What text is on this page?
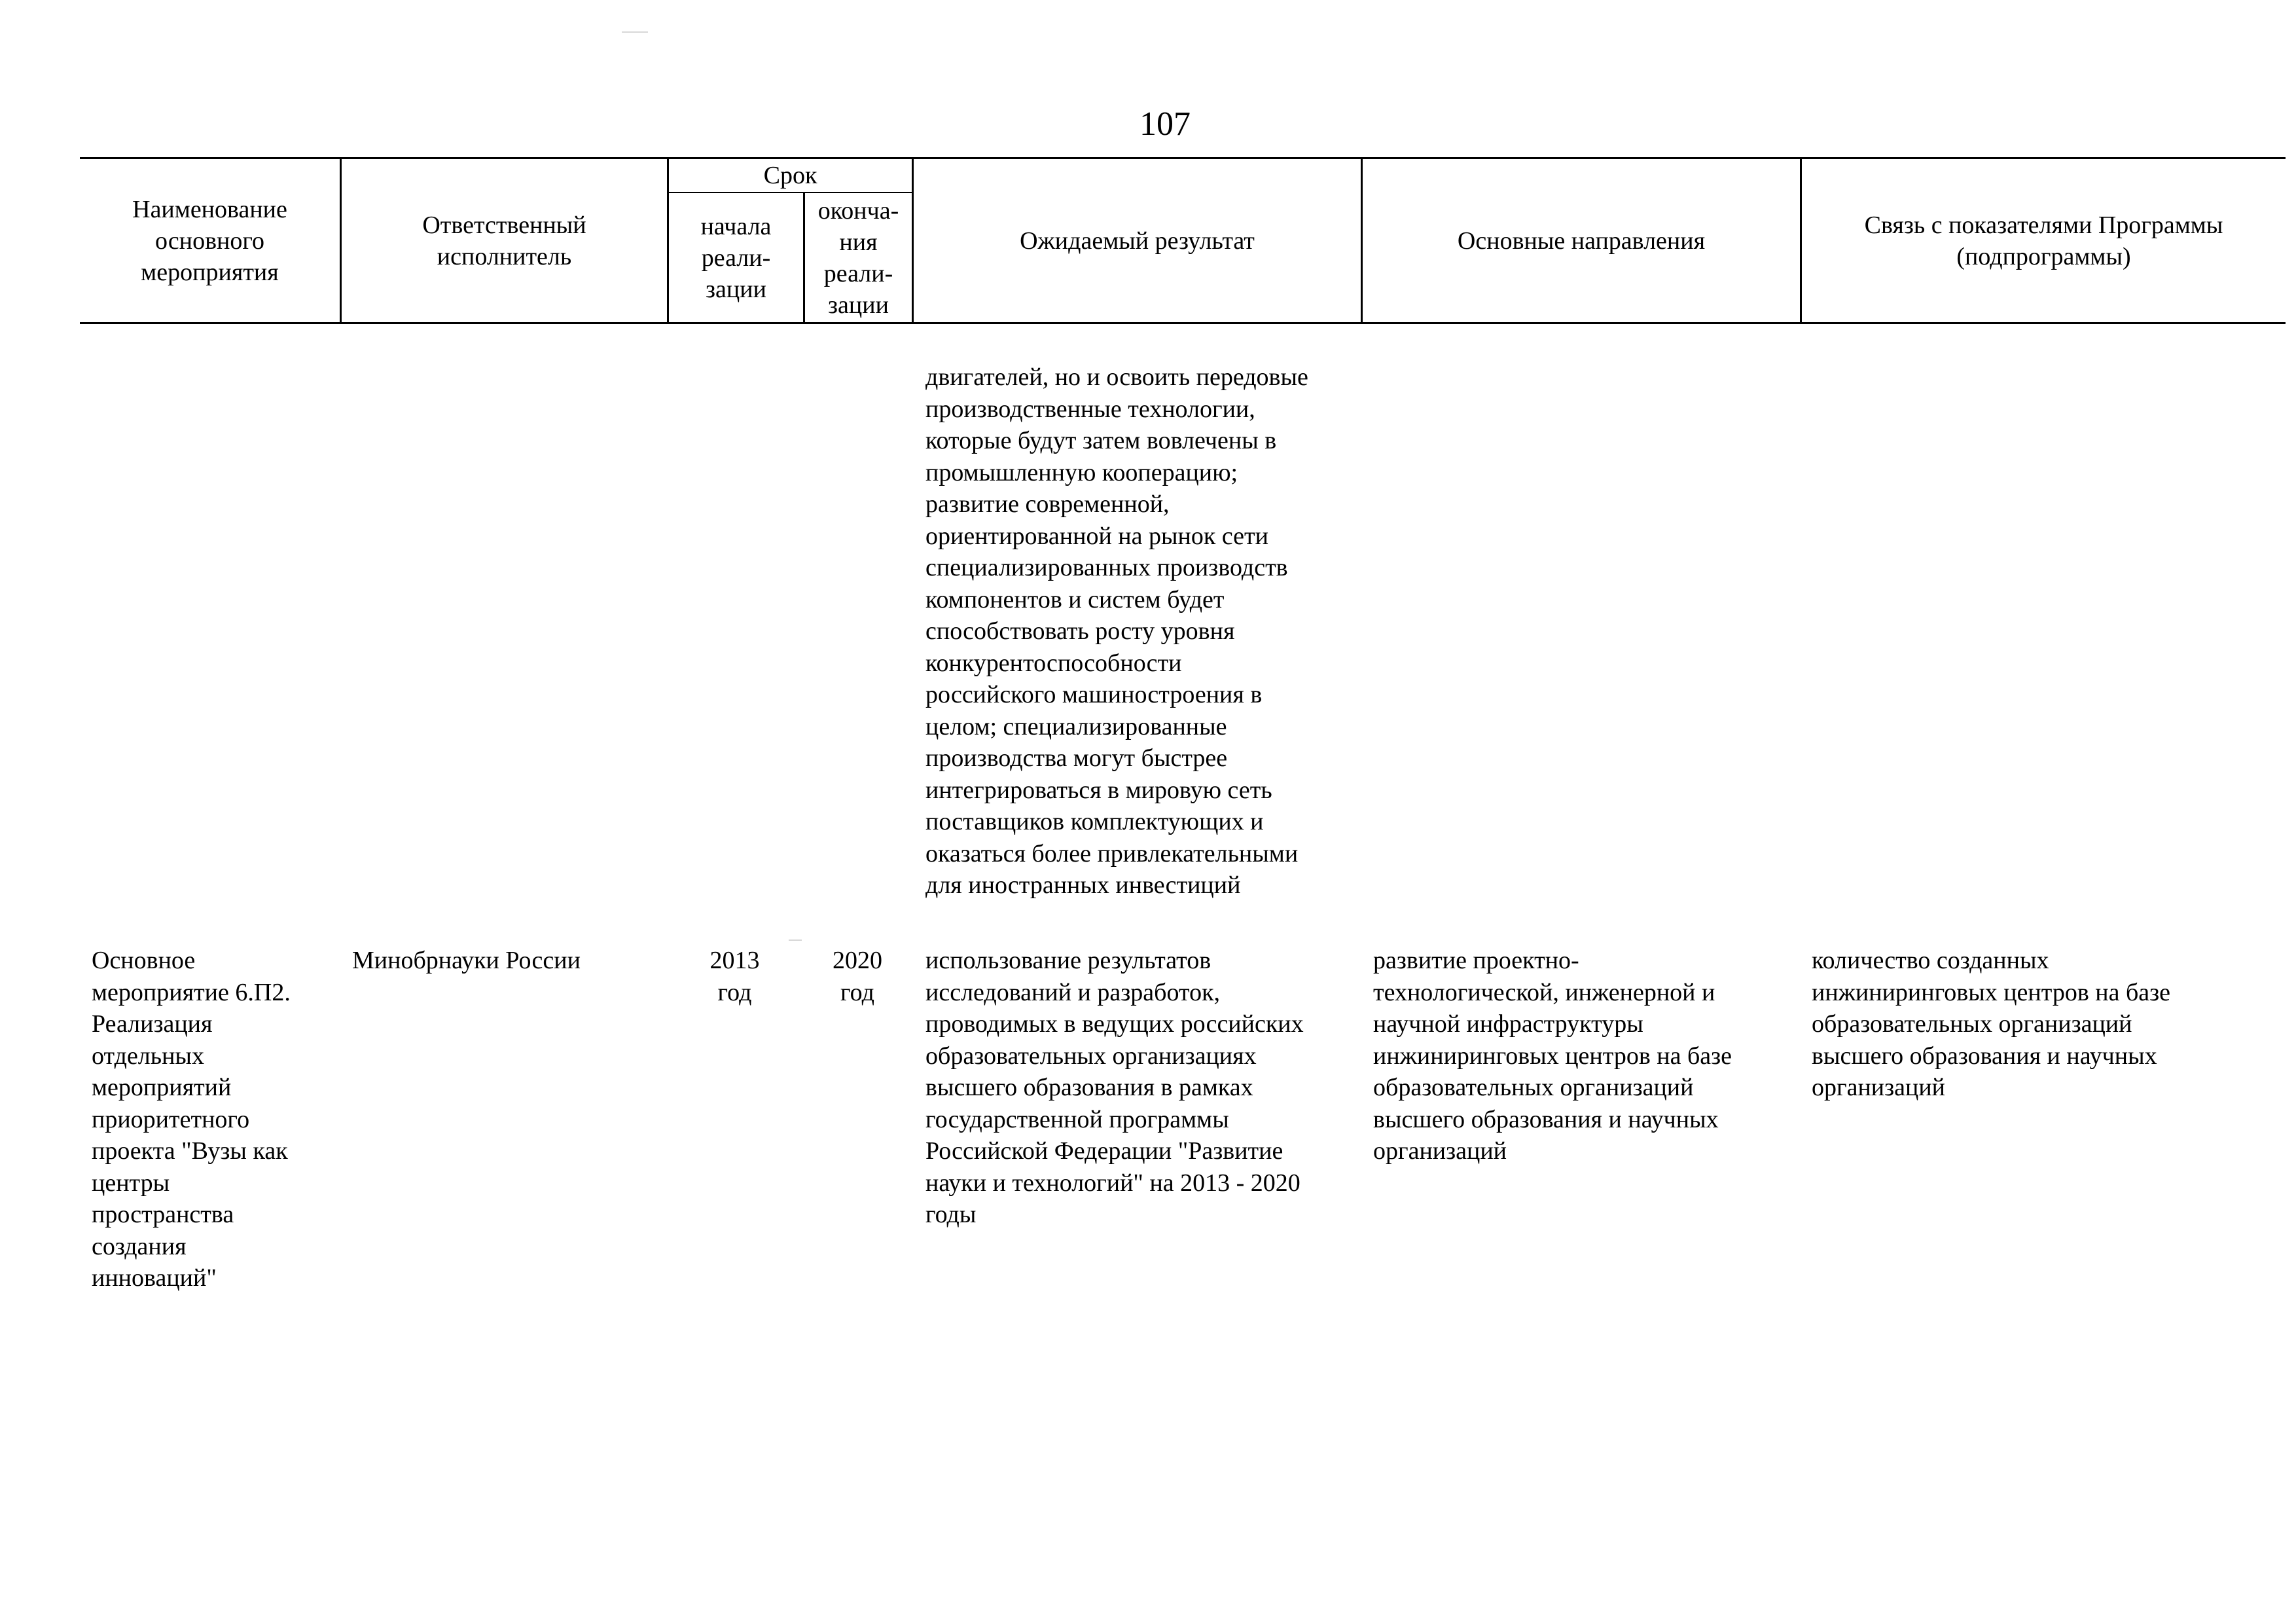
107
Наименование
основного
мероприятия
Ответственный
исполнитель
Срок
начала
реали-
зации
оконча-
ния
реали-
зации
Ожидаемый результат	Основные направления
Связь с показателями Программы
(подпрограммы)
двигателей, но и освоить передовые
производственные технологии,
которые будут затем вовлечены в
промышленную кооперацию;
развитие современной,
ориентированной на рынок сети
специализированных производств
компонентов и систем будет
способствовать росту уровня
конкурентоспособности
российского машиностроения в
целом; специализированные
производства могут быстрее
интегрироваться в мировую сеть
поставщиков комплектующих и
оказаться более привлекательными
для иностранных инвестиций
Основное
мероприятие 6.П2.
Реализация
отдельных
мероприятий
приоритетного
проекта "Вузы как
центры
пространства
создания
инноваций"
Минобрнауки России	2013
год
2020
год
использование результатов
исследований и разработок,
проводимых в ведущих российских
образовательных организациях
высшего образования в рамках
государственной программы
Российской Федерации "Развитие
науки и технологий" на 2013 - 2020
годы
развитие проектно-
технологической, инженерной и
научной инфраструктуры
инжиниринговых центров на базе
образовательных организаций
высшего образования и научных
организаций
количество созданных
инжиниринговых центров на базе
образовательных организаций
высшего образования и научных
организаций
